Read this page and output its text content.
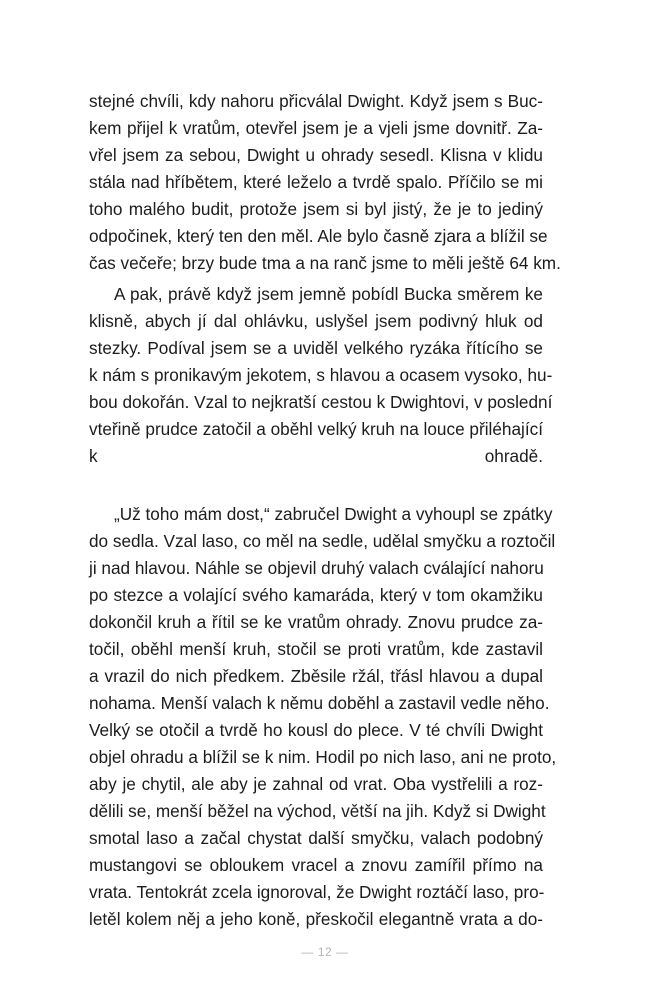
stejné chvíli, kdy nahoru přicválal Dwight. Když jsem s Buc-
kem přijel k vratům, otevřel jsem je a vjeli jsme dovnitř. Za-
vřel jsem za sebou, Dwight u ohrady sesedl. Klisna v klidu
stála nad hříbětem, které leželo a tvrdě spalo. Příčilo se mi
toho malého budit, protože jsem si byl jistý, že je to jediný
odpočinek, který ten den měl. Ale bylo časně zjara a blížil se
čas večeře; brzy bude tma a na ranč jsme to měli ještě 64 km.
A pak, právě když jsem jemně pobídl Bucka směrem ke
klisně, abych jí dal ohlávku, uslyšel jsem podivný hluk od
stezky. Podíval jsem se a uviděl velkého ryzáka řítícího se
k nám s pronikavým jekotem, s hlavou a ocasem vysoko, hu-
bou dokořán. Vzal to nejkratší cestou k Dwightovi, v poslední
vteřině prudce zatočil a oběhl velký kruh na louce přiléhající
k ohradě.
„Už toho mám dost,“ zabručel Dwight a vyhoupl se zpátky
do sedla. Vzal laso, co měl na sedle, udělal smyčku a roztočil
ji nad hlavou. Náhle se objevil druhý valach cválající nahoru
po stezce a volající svého kamaráda, který v tom okamžiku
dokončil kruh a řítil se ke vratům ohrady. Znovu prudce za-
točil, oběhl menší kruh, stočil se proti vratům, kde zastavil
a vrazil do nich předkem. Zběsile ržál, třásl hlavou a dupal
nohama. Menší valach k němu doběhl a zastavil vedle něho.
Velký se otočil a tvrdě ho kousl do plece. V té chvíli Dwight
objel ohradu a blížil se k nim. Hodil po nich laso, ani ne proto,
aby je chytil, ale aby je zahnal od vrat. Oba vystřelili a roz-
dělili se, menší běžel na východ, větší na jih. Když si Dwight
smotal laso a začal chystat další smyčku, valach podobný
mustangovi se obloukem vracel a znovu zamířil přímo na
vrata. Tentokrát zcela ignoroval, že Dwight roztáčí laso, pro-
letěl kolem něj a jeho koně, přeskočil elegantně vrata a do-
— 12 —
